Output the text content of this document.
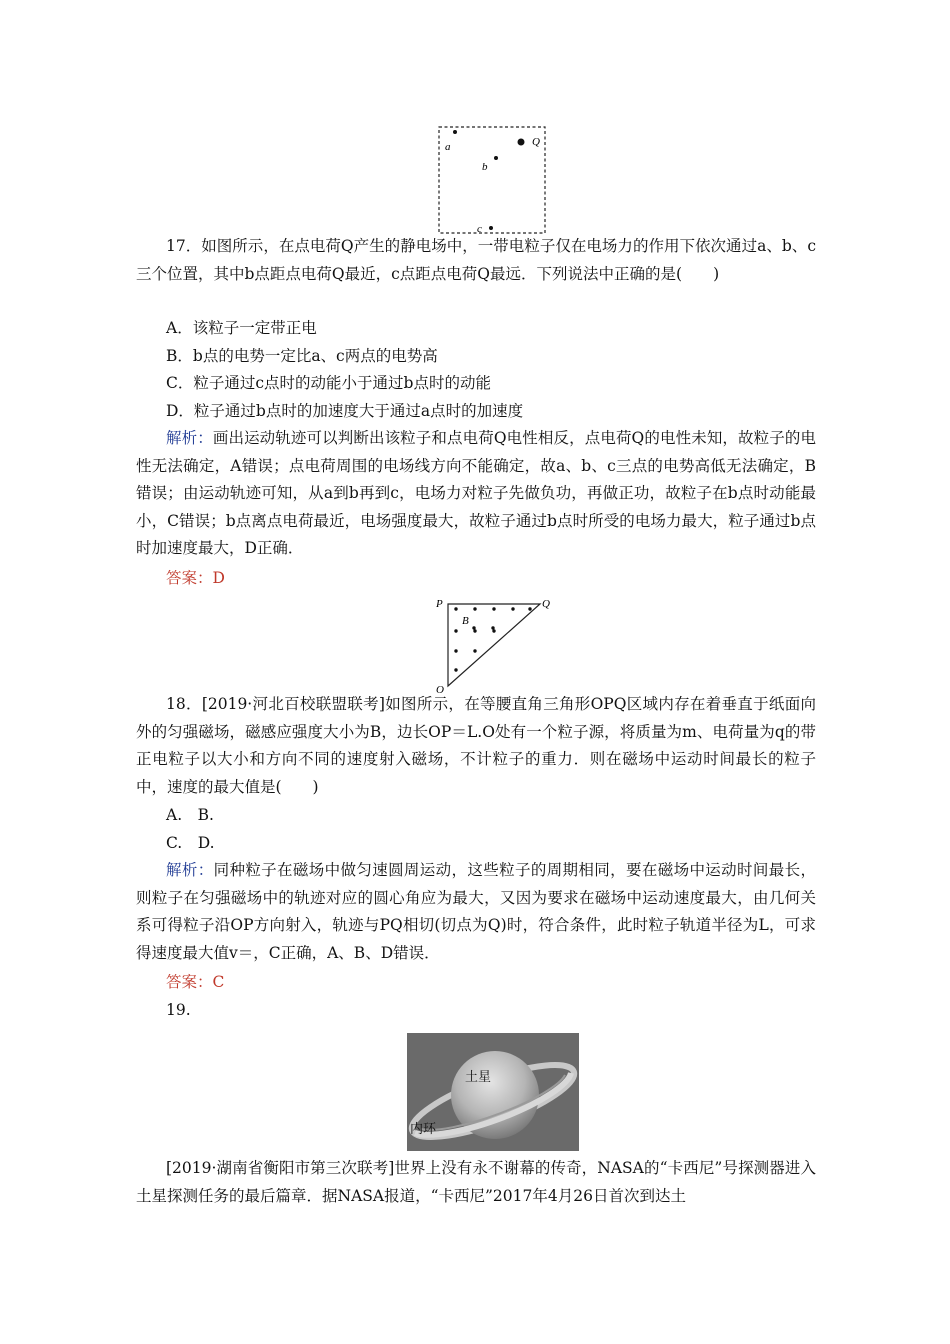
a	Q
b
c

17．如图所示，在点电荷Q产生的静电场中，一带电粒子仅在电场力的作用下依次通过a、b、c三个位置，其中b点距点电荷Q最近，c点距点电荷Q最远．下列说法中正确的是(　　)

A．该粒子一定带正电

B．b点的电势一定比a、c两点的电势高

C．粒子通过c点时的动能小于通过b点时的动能

D．粒子通过b点时的加速度大于通过a点时的加速度

解析：画出运动轨迹可以判断出该粒子和点电荷Q电性相反，点电荷Q的电性未知，故粒子的电性无法确定，A错误；点电荷周围的电场线方向不能确定，故a、b、c三点的电势高低无法确定，B错误；由运动轨迹可知，从a到b再到c，电场力对粒子先做负功，再做正功，故粒子在b点时动能最小，C错误；b点离点电荷最近，电场强度最大，故粒子通过b点时所受的电场力最大，粒子通过b点时加速度最大，D正确．

答案：D

P	Q
O
B

18．[2019·河北百校联盟联考]如图所示，在等腰直角三角形OPQ区域内存在着垂直于纸面向外的匀强磁场，磁感应强度大小为B，边长OP＝L.O处有一个粒子源，将质量为m、电荷量为q的带正电粒子以大小和方向不同的速度射入磁场，不计粒子的重力．则在磁场中运动时间最长的粒子中，速度的最大值是(　　)

A.　B.

C.　D.

解析：同种粒子在磁场中做匀速圆周运动，这些粒子的周期相同，要在磁场中运动时间最长，则粒子在匀强磁场中的轨迹对应的圆心角应为最大，又因为要求在磁场中运动速度最大，由几何关系可得粒子沿OP方向射入，轨迹与PQ相切(切点为Q)时，符合条件，此时粒子轨道半径为L，可求得速度最大值v＝，C正确，A、B、D错误．

答案：C

19.

土星
内环

[2019·湖南省衡阳市第三次联考]世界上没有永不谢幕的传奇，NASA的“卡西尼”号探测器进入土星探测任务的最后篇章．据NASA报道，“卡西尼”2017年4月26日首次到达土
